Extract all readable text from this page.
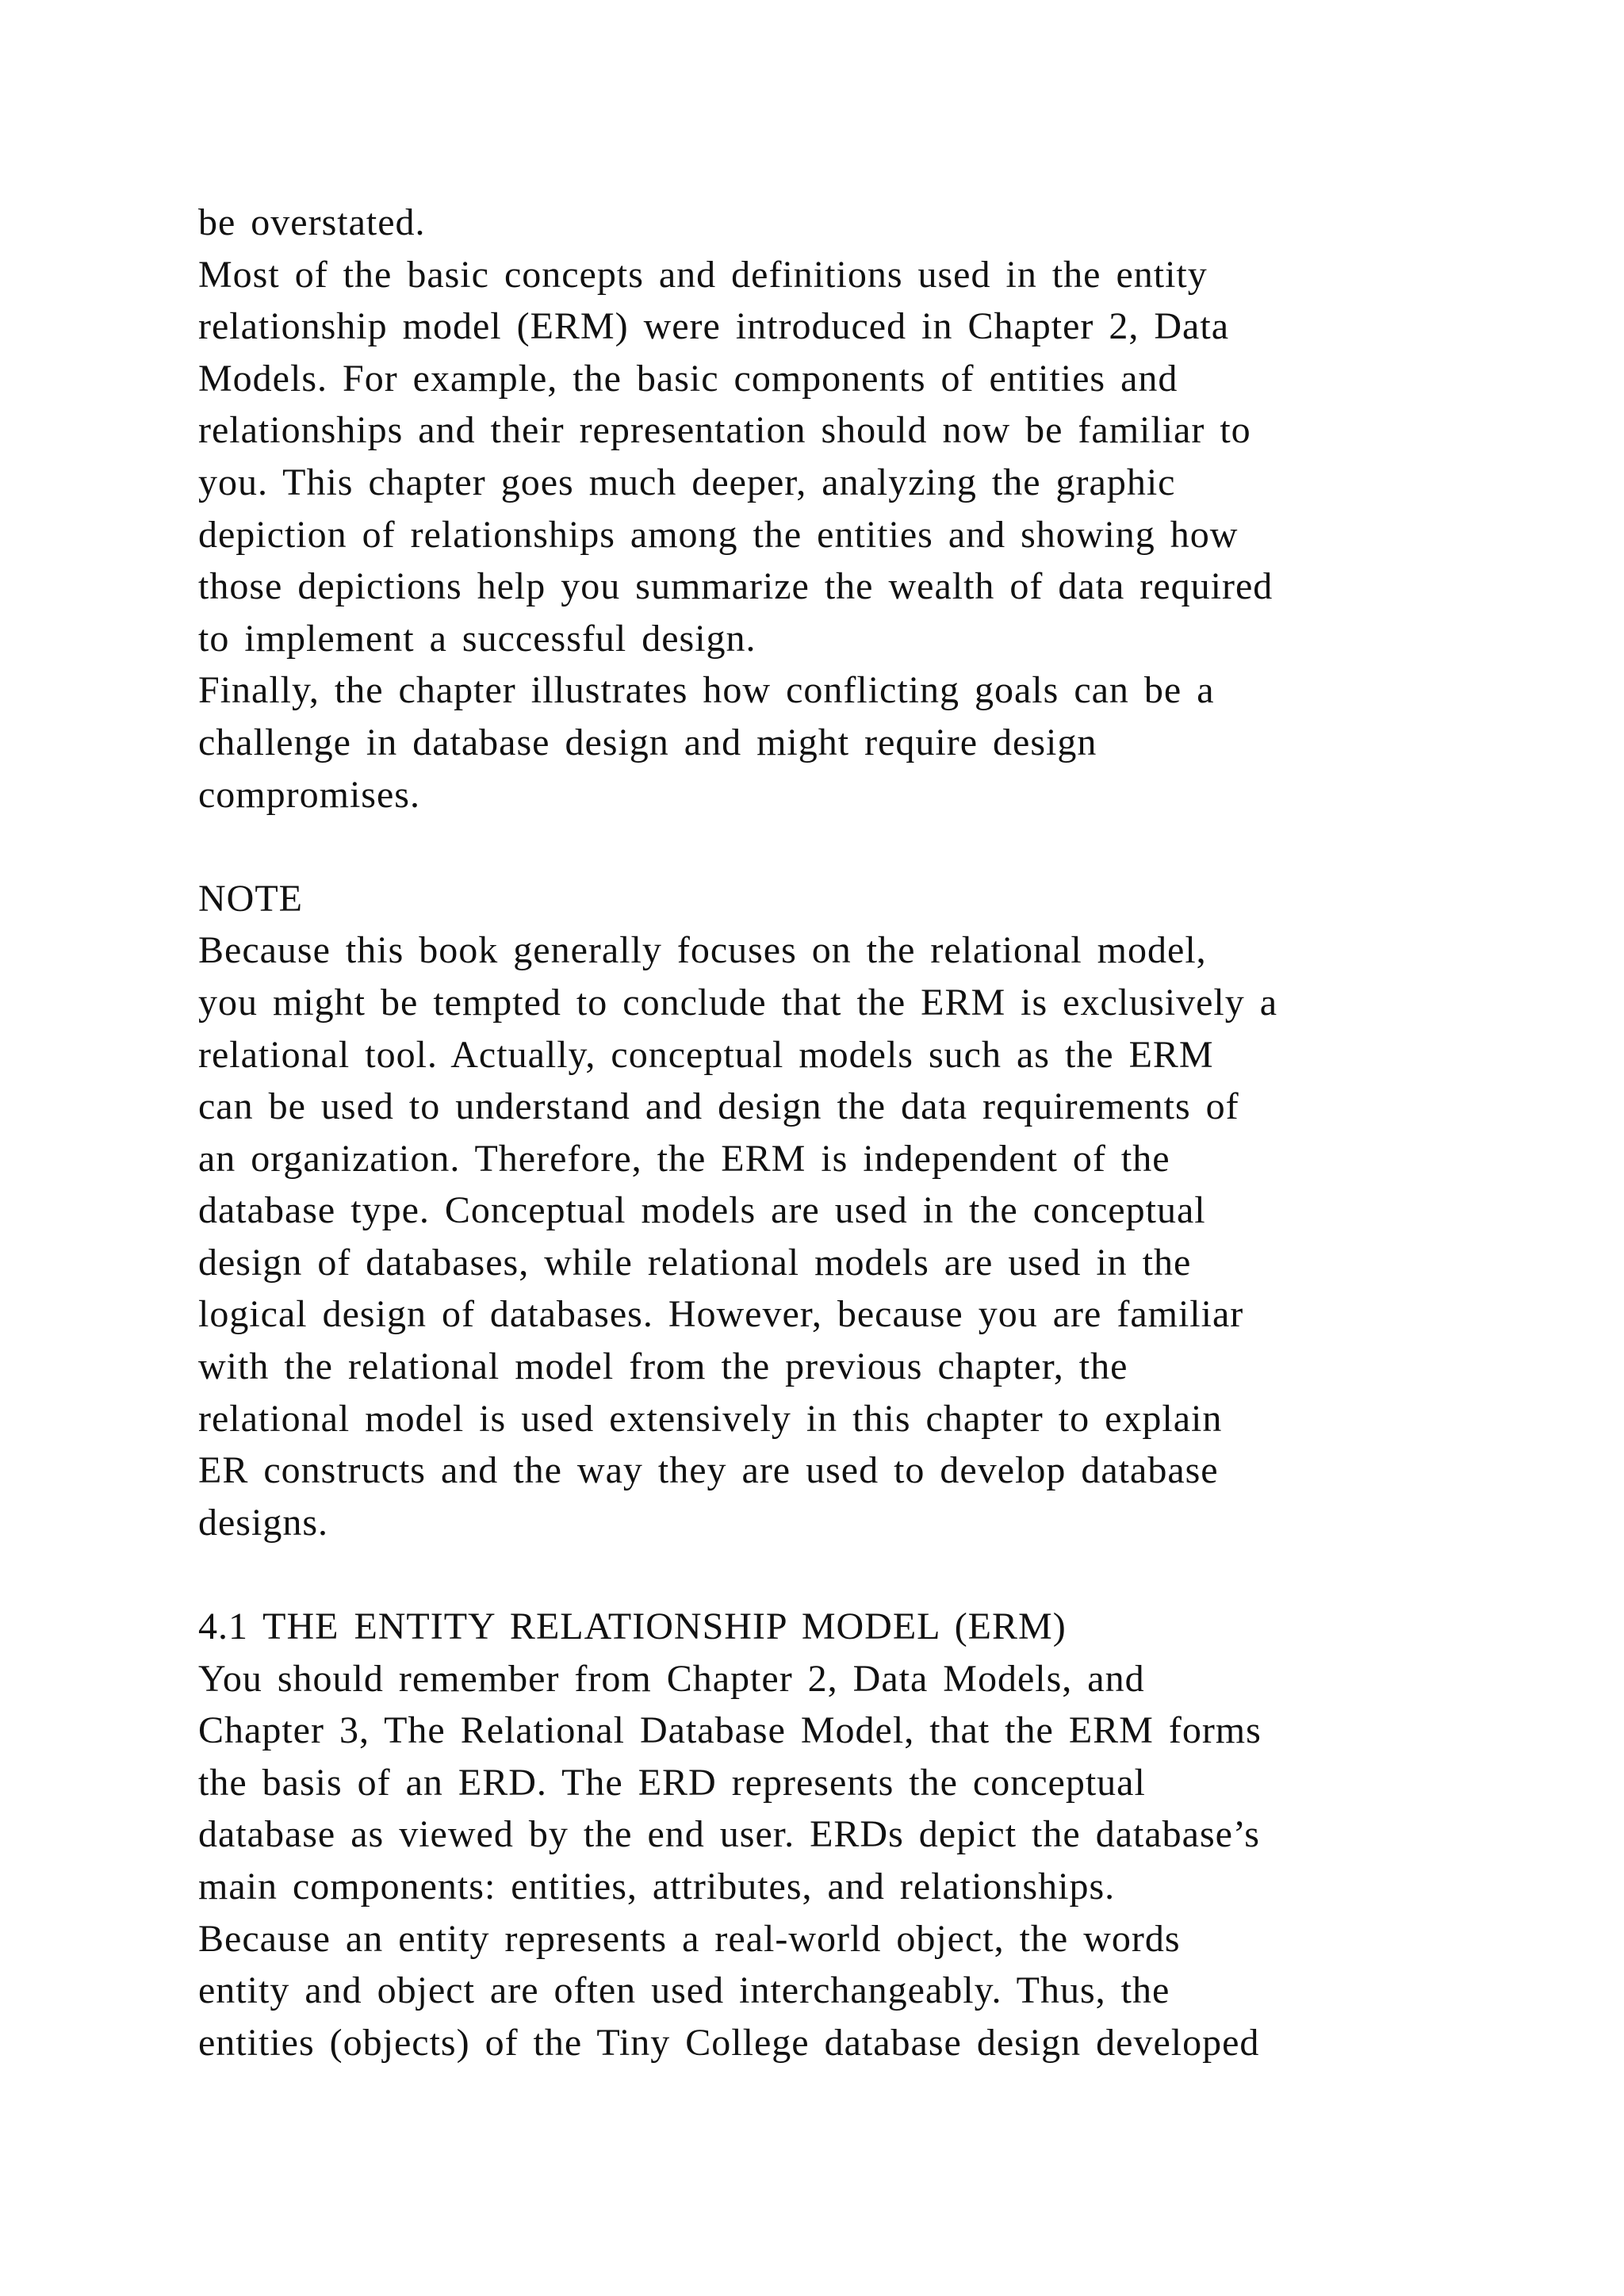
be overstated.
Most of the basic concepts and definitions used in the entity
relationship model (ERM) were introduced in Chapter 2, Data
Models. For example, the basic components of entities and
relationships and their representation should now be familiar to
you. This chapter goes much deeper, analyzing the graphic
depiction of relationships among the entities and showing how
those depictions help you summarize the wealth of data required
to implement a successful design.
Finally, the chapter illustrates how conflicting goals can be a
challenge in database design and might require design
compromises.
NOTE
Because this book generally focuses on the relational model,
you might be tempted to conclude that the ERM is exclusively a
relational tool. Actually, conceptual models such as the ERM
can be used to understand and design the data requirements of
an organization. Therefore, the ERM is independent of the
database type. Conceptual models are used in the conceptual
design of databases, while relational models are used in the
logical design of databases. However, because you are familiar
with the relational model from the previous chapter, the
relational model is used extensively in this chapter to explain
ER constructs and the way they are used to develop database
designs.
4.1 THE ENTITY RELATIONSHIP MODEL (ERM)
You should remember from Chapter 2, Data Models, and
Chapter 3, The Relational Database Model, that the ERM forms
the basis of an ERD. The ERD represents the conceptual
database as viewed by the end user. ERDs depict the database’s
main components: entities, attributes, and relationships.
Because an entity represents a real-world object, the words
entity and object are often used interchangeably. Thus, the
entities (objects) of the Tiny College database design developed
